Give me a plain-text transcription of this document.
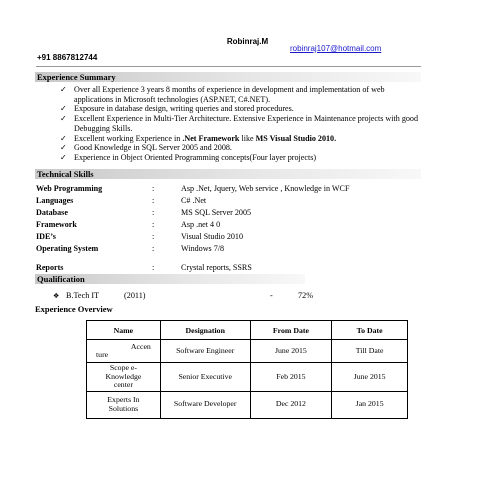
Robinraj.M
robinraj107@hotmail.com
+91 8867812744
Experience Summary
✓ Over all Experience 3 years 8 months of experience in development and implementation of web applications in Microsoft technologies (ASP.NET, C#.NET).
✓ Exposure in database design, writing queries and stored procedures.
✓ Excellent Experience in Multi-Tier Architecture. Extensive Experience in Maintenance projects with good Debugging Skills.
✓ Excellent working Experience in .Net Framework like MS Visual Studio 2010.
✓ Good Knowledge in SQL Server 2005 and 2008.
✓ Experience in Object Oriented Programming concepts(Four layer projects)
Technical Skills
Web Programming	:	Asp .Net, Jquery, Web service , Knowledge in WCF
Languages	:	C# .Net
Database	:	MS SQL Server 2005
Framework	:	Asp .net 4 0
IDE’s	:	Visual Studio 2010
Operating System	:	Windows 7/8
Reports	:	Crystal reports, SSRS
Qualification
❖ B.Tech IT	(2011)	-	72%
Experience Overview
Name	Designation	From Date	To Date

Accen
ture	Software Engineer	June 2015	Till Date

Scope e-
Knowledge
center	Senior Executive	Feb 2015	June 2015

Experts In
Solutions	Software Developer	Dec 2012	Jan 2015
